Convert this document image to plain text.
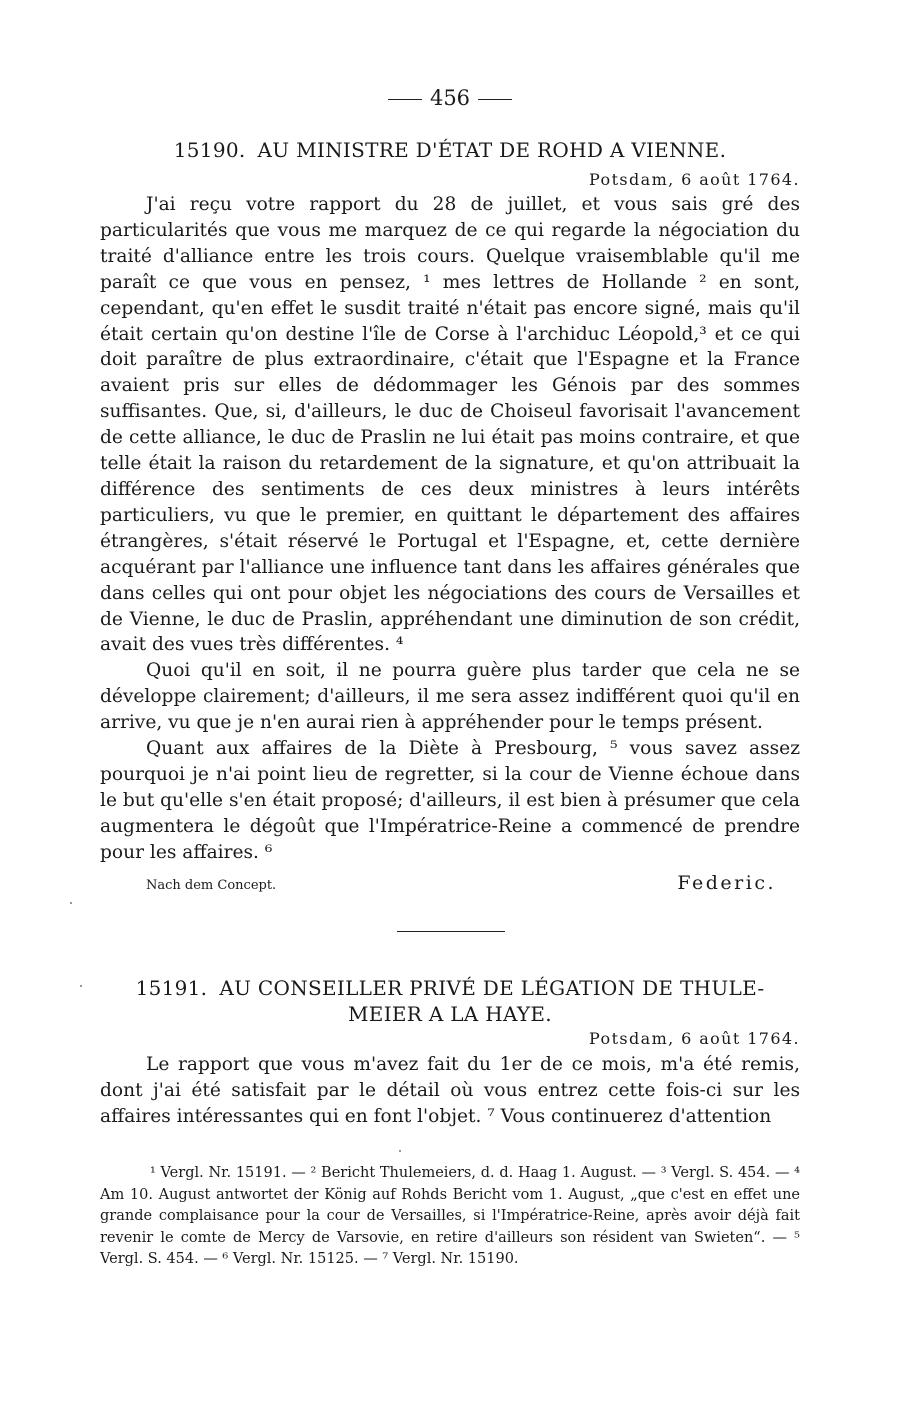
456
15190. AU MINISTRE D'ÉTAT DE ROHD A VIENNE.
Potsdam, 6 août 1764.

J'ai reçu votre rapport du 28 de juillet, et vous sais gré des particularités que vous me marquez de ce qui regarde la négociation du traité d'alliance entre les trois cours. Quelque vraisemblable qu'il me paraît ce que vous en pensez, ¹ mes lettres de Hollande ² en sont, cependant, qu'en effet le susdit traité n'était pas encore signé, mais qu'il était certain qu'on destine l'île de Corse à l'archiduc Léopold,³ et ce qui doit paraître de plus extraordinaire, c'était que l'Espagne et la France avaient pris sur elles de dédommager les Génois par des sommes suffisantes. Que, si, d'ailleurs, le duc de Choiseul favorisait l'avancement de cette alliance, le duc de Praslin ne lui était pas moins contraire, et que telle était la raison du retardement de la signature, et qu'on attribuait la différence des sentiments de ces deux ministres à leurs intérêts particuliers, vu que le premier, en quittant le département des affaires étrangères, s'était réservé le Portugal et l'Espagne, et, cette dernière acquérant par l'alliance une influence tant dans les affaires générales que dans celles qui ont pour objet les négociations des cours de Versailles et de Vienne, le duc de Praslin, appréhendant une diminution de son crédit, avait des vues très différentes. ⁴

Quoi qu'il en soit, il ne pourra guère plus tarder que cela ne se développe clairement; d'ailleurs, il me sera assez indifférent quoi qu'il en arrive, vu que je n'en aurai rien à appréhender pour le temps présent.

Quant aux affaires de la Diète à Presbourg, ⁵ vous savez assez pourquoi je n'ai point lieu de regretter, si la cour de Vienne échoue dans le but qu'elle s'en était proposé; d'ailleurs, il est bien à présumer que cela augmentera le dégoût que l'Impératrice-Reine a commencé de prendre pour les affaires. ⁶

Nach dem Concept.	Federic.
15191. AU CONSEILLER PRIVÉ DE LÉGATION DE THULE-
MEIER A LA HAYE.
Potsdam, 6 août 1764.

Le rapport que vous m'avez fait du 1er de ce mois, m'a été remis, dont j'ai été satisfait par le détail où vous entrez cette fois-ci sur les affaires intéressantes qui en font l'objet. ⁷ Vous continuerez d'attention

¹ Vergl. Nr. 15191. — ² Bericht Thulemeiers, d. d. Haag 1. August. — ³ Vergl. S. 454. — ⁴ Am 10. August antwortet der König auf Rohds Bericht vom 1. August, „que c'est en effet une grande complaisance pour la cour de Versailles, si l'Impératrice-Reine, après avoir déjà fait revenir le comte de Mercy de Varsovie, en retire d'ailleurs son résident van Swieten“. — ⁵ Vergl. S. 454. — ⁶ Vergl. Nr. 15125. — ⁷ Vergl. Nr. 15190.
